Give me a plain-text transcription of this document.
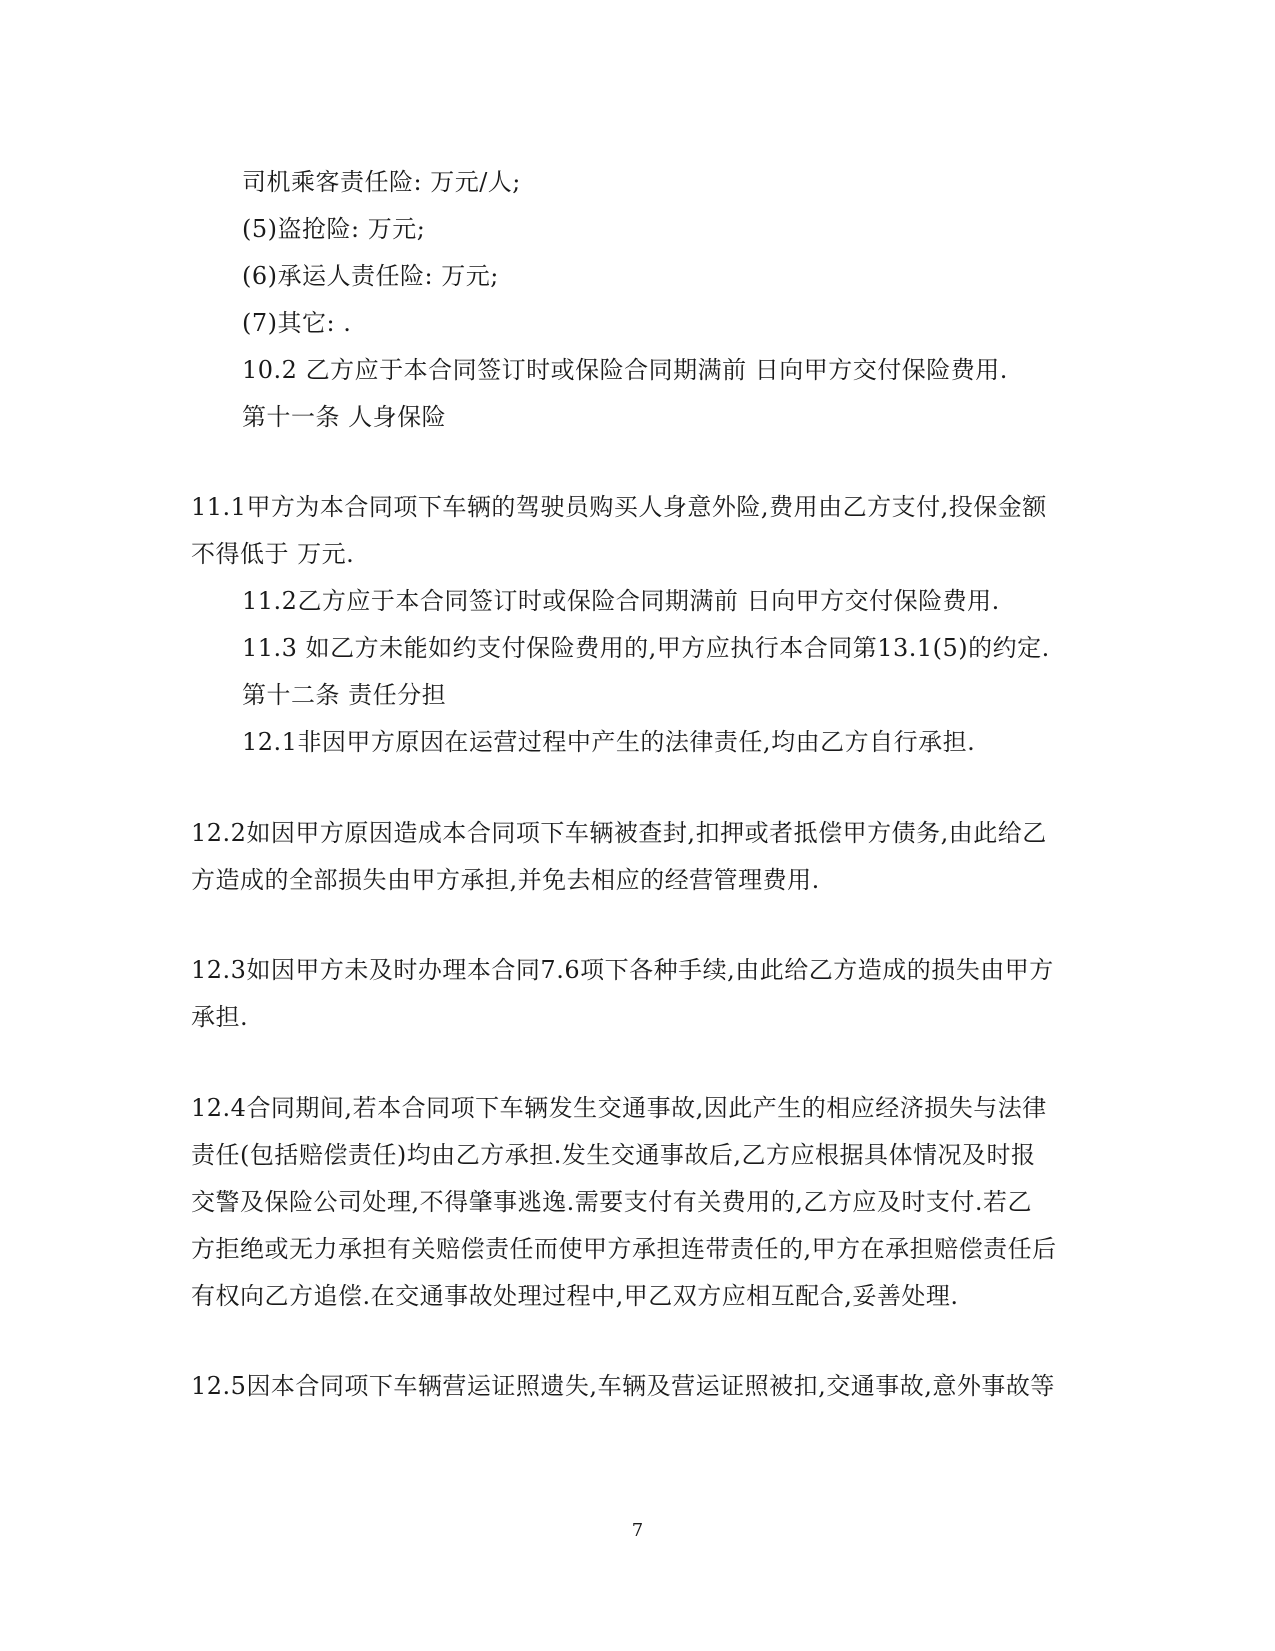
司机乘客责任险: 万元/人;
(5)盗抢险: 万元;
(6)承运人责任险: 万元;
(7)其它: .
10.2 乙方应于本合同签订时或保险合同期满前 日向甲方交付保险费用.
第十一条 人身保险
11.1甲方为本合同项下车辆的驾驶员购买人身意外险,费用由乙方支付,投保金额
不得低于 万元.
11.2乙方应于本合同签订时或保险合同期满前 日向甲方交付保险费用.
11.3 如乙方未能如约支付保险费用的,甲方应执行本合同第13.1(5)的约定.
第十二条 责任分担
12.1非因甲方原因在运营过程中产生的法律责任,均由乙方自行承担.
12.2如因甲方原因造成本合同项下车辆被查封,扣押或者抵偿甲方债务,由此给乙
方造成的全部损失由甲方承担,并免去相应的经营管理费用.
12.3如因甲方未及时办理本合同7.6项下各种手续,由此给乙方造成的损失由甲方
承担.
12.4合同期间,若本合同项下车辆发生交通事故,因此产生的相应经济损失与法律
责任(包括赔偿责任)均由乙方承担.发生交通事故后,乙方应根据具体情况及时报
交警及保险公司处理,不得肇事逃逸.需要支付有关费用的,乙方应及时支付.若乙
方拒绝或无力承担有关赔偿责任而使甲方承担连带责任的,甲方在承担赔偿责任后
有权向乙方追偿.在交通事故处理过程中,甲乙双方应相互配合,妥善处理.
12.5因本合同项下车辆营运证照遗失,车辆及营运证照被扣,交通事故,意外事故等
7
